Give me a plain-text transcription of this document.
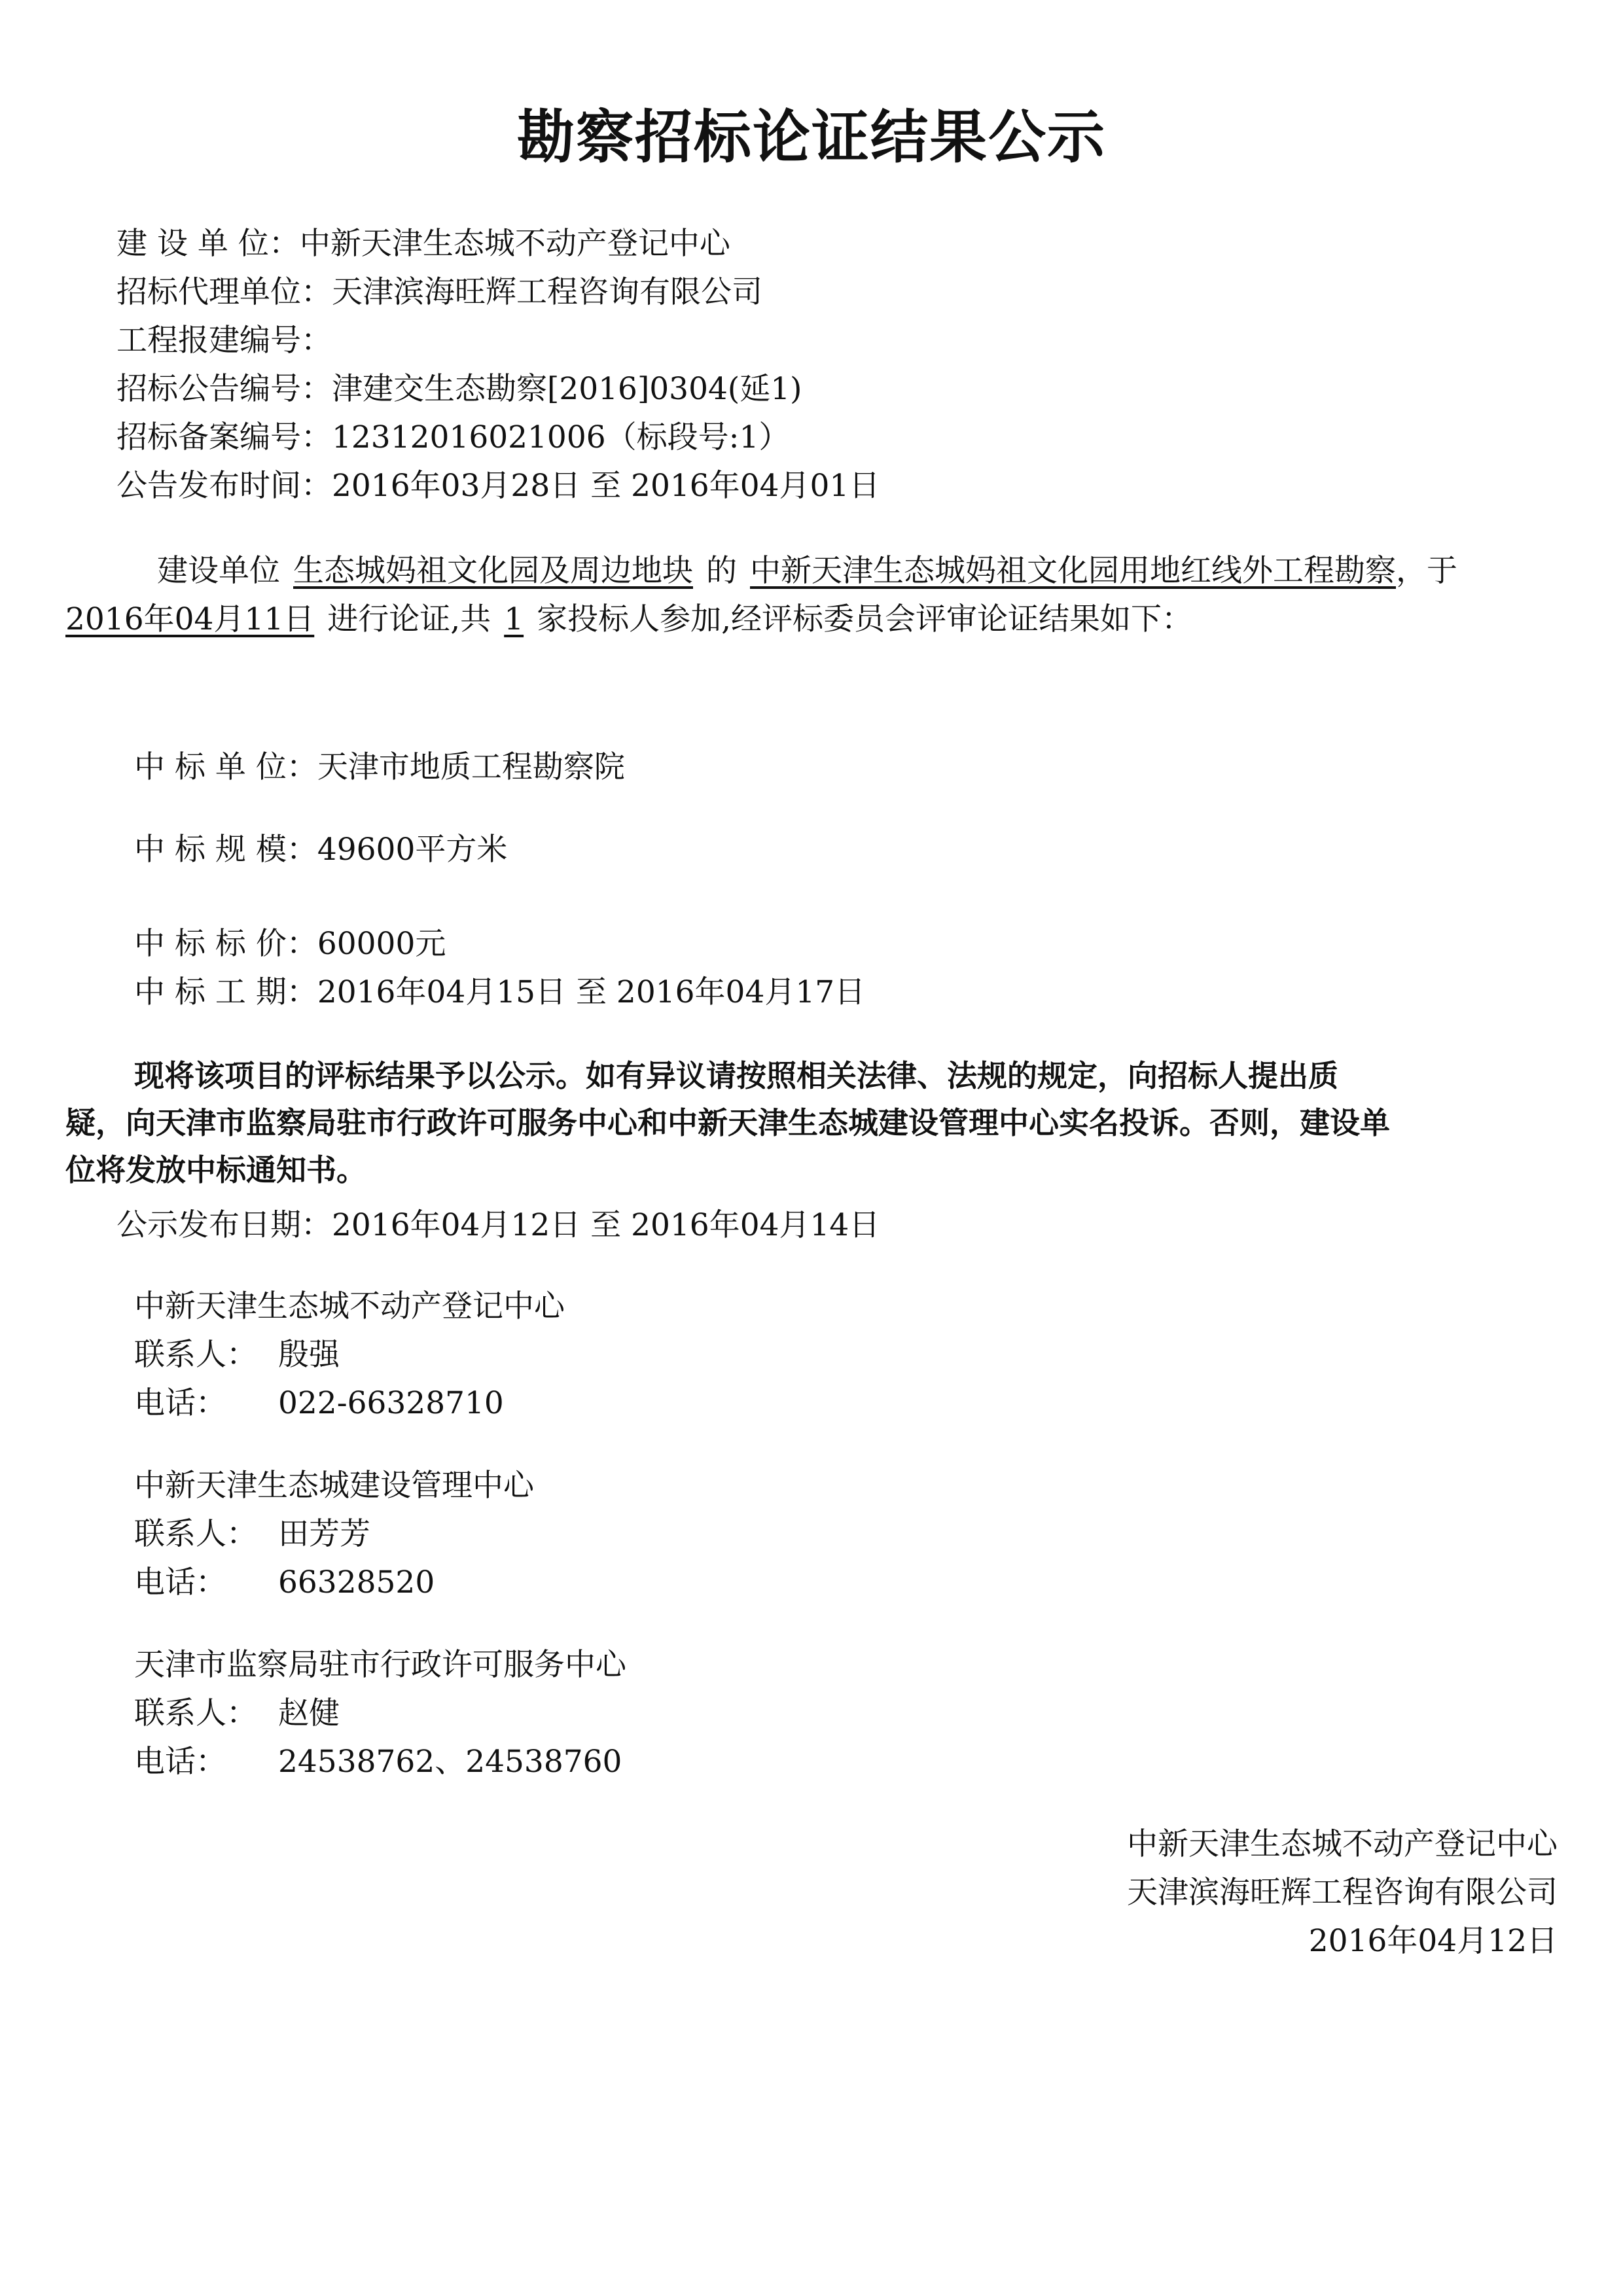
勘察招标论证结果公示
建 设 单 位：中新天津生态城不动产登记中心
招标代理单位：天津滨海旺辉工程咨询有限公司
工程报建编号：
招标公告编号：津建交生态勘察[2016]0304(延1)
招标备案编号：12312016021006（标段号:1）
公告发布时间：2016年03月28日 至 2016年04月01日
建设单位 生态城妈祖文化园及周边地块 的 中新天津生态城妈祖文化园用地红线外工程勘察，于
2016年04月11日 进行论证,共 1 家投标人参加,经评标委员会评审论证结果如下：
中 标 单 位：天津市地质工程勘察院
中 标 规 模：49600平方米
中 标 标 价：60000元
中 标 工 期：2016年04月15日 至 2016年04月17日
现将该项目的评标结果予以公示。如有异议请按照相关法律、法规的规定，向招标人提出质
疑，向天津市监察局驻市行政许可服务中心和中新天津生态城建设管理中心实名投诉。否则，建设单
位将发放中标通知书。
公示发布日期：2016年04月12日 至 2016年04月14日
中新天津生态城不动产登记中心
联系人： 殷强
电话： 022-66328710
中新天津生态城建设管理中心
联系人： 田芳芳
电话： 66328520
天津市监察局驻市行政许可服务中心
联系人： 赵健
电话： 24538762、24538760
中新天津生态城不动产登记中心
天津滨海旺辉工程咨询有限公司
2016年04月12日
